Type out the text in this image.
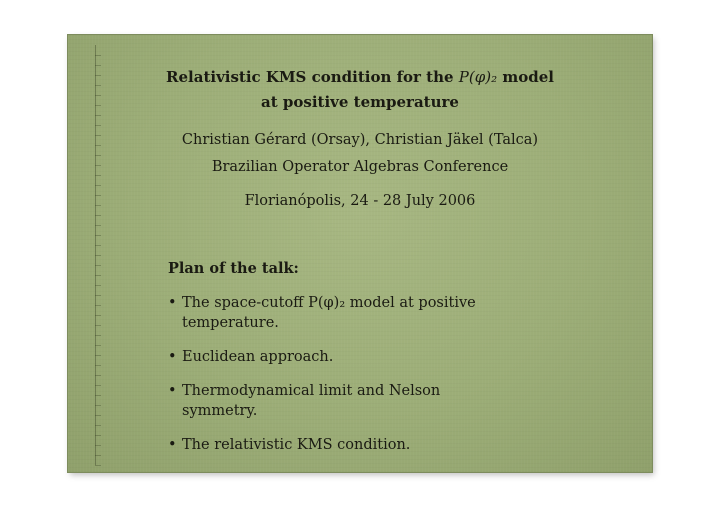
Relativistic KMS condition for the P(φ)₂ model
at positive temperature
Christian Gérard (Orsay), Christian Jäkel (Talca)
Brazilian Operator Algebras Conference
Florianópolis, 24 - 28 July 2006
Plan of the talk:
• The space-cutoff P(φ)₂ model at positive temperature.
• Euclidean approach.
• Thermodynamical limit and Nelson symmetry.
• The relativistic KMS condition.
